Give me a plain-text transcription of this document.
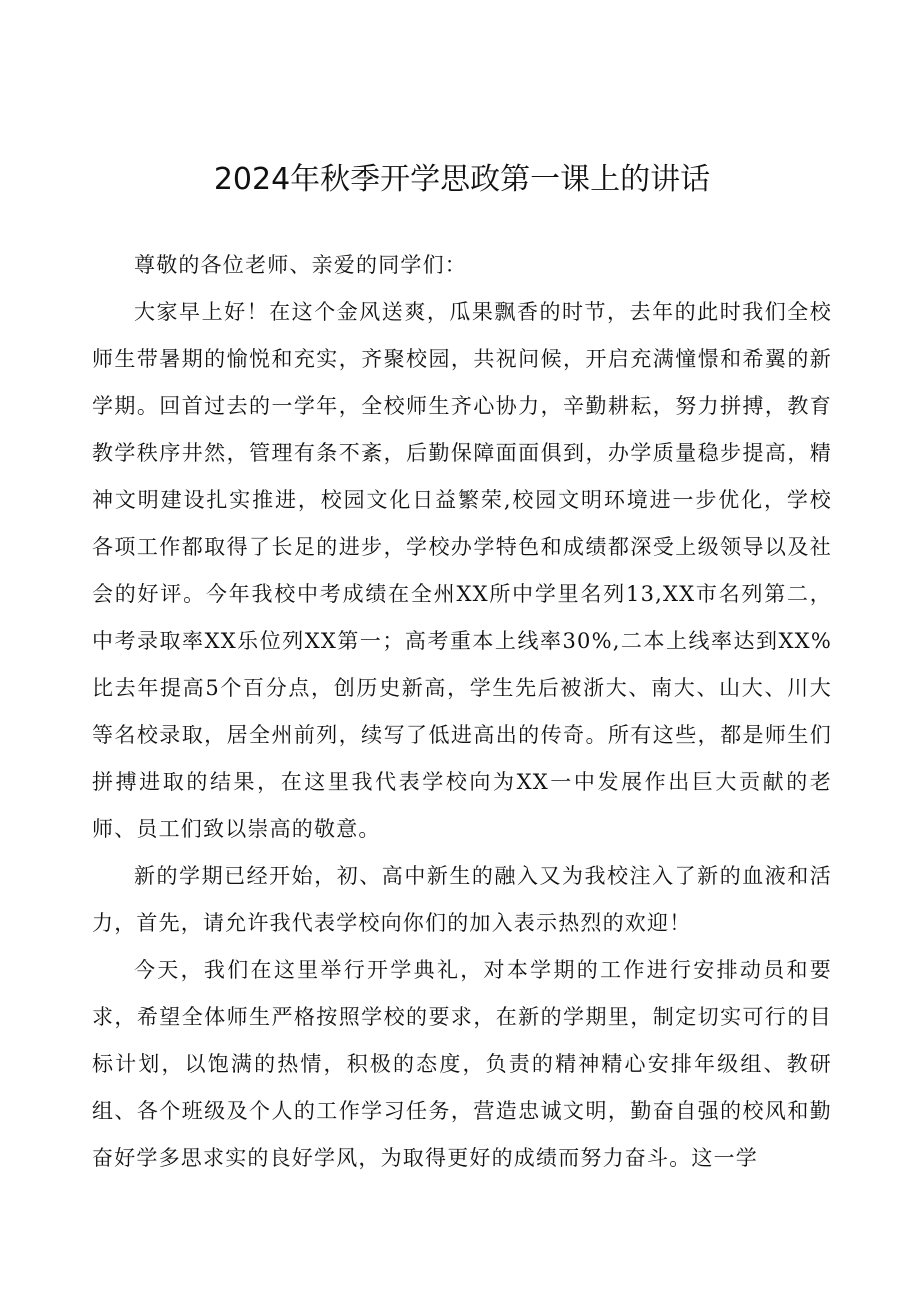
2024年秋季开学思政第一课上的讲话

尊敬的各位老师、亲爱的同学们：

大家早上好！在这个金风送爽，瓜果飘香的时节，去年的此时我们全校师生带暑期的愉悦和充实，齐聚校园，共祝问候，开启充满憧憬和希翼的新学期。回首过去的一学年，全校师生齐心协力，辛勤耕耘，努力拼搏，教育教学秩序井然，管理有条不紊，后勤保障面面俱到，办学质量稳步提高，精神文明建设扎实推进，校园文化日益繁荣,校园文明环境进一步优化，学校各项工作都取得了长足的进步，学校办学特色和成绩都深受上级领导以及社会的好评。今年我校中考成绩在全州XX所中学里名列13,XX市名列第二，中考录取率XX乐位列XX第一；高考重本上线率30%,二本上线率达到XX%比去年提高5个百分点，创历史新高，学生先后被浙大、南大、山大、川大等名校录取，居全州前列，续写了低进高出的传奇。所有这些，都是师生们拼搏进取的结果，在这里我代表学校向为XX一中发展作出巨大贡献的老师、员工们致以崇高的敬意。

新的学期已经开始，初、高中新生的融入又为我校注入了新的血液和活力，首先，请允许我代表学校向你们的加入表示热烈的欢迎！

今天，我们在这里举行开学典礼，对本学期的工作进行安排动员和要求，希望全体师生严格按照学校的要求，在新的学期里，制定切实可行的目标计划，以饱满的热情，积极的态度，负责的精神精心安排年级组、教研组、各个班级及个人的工作学习任务，营造忠诚文明，勤奋自强的校风和勤奋好学多思求实的良好学风，为取得更好的成绩而努力奋斗。这一学
